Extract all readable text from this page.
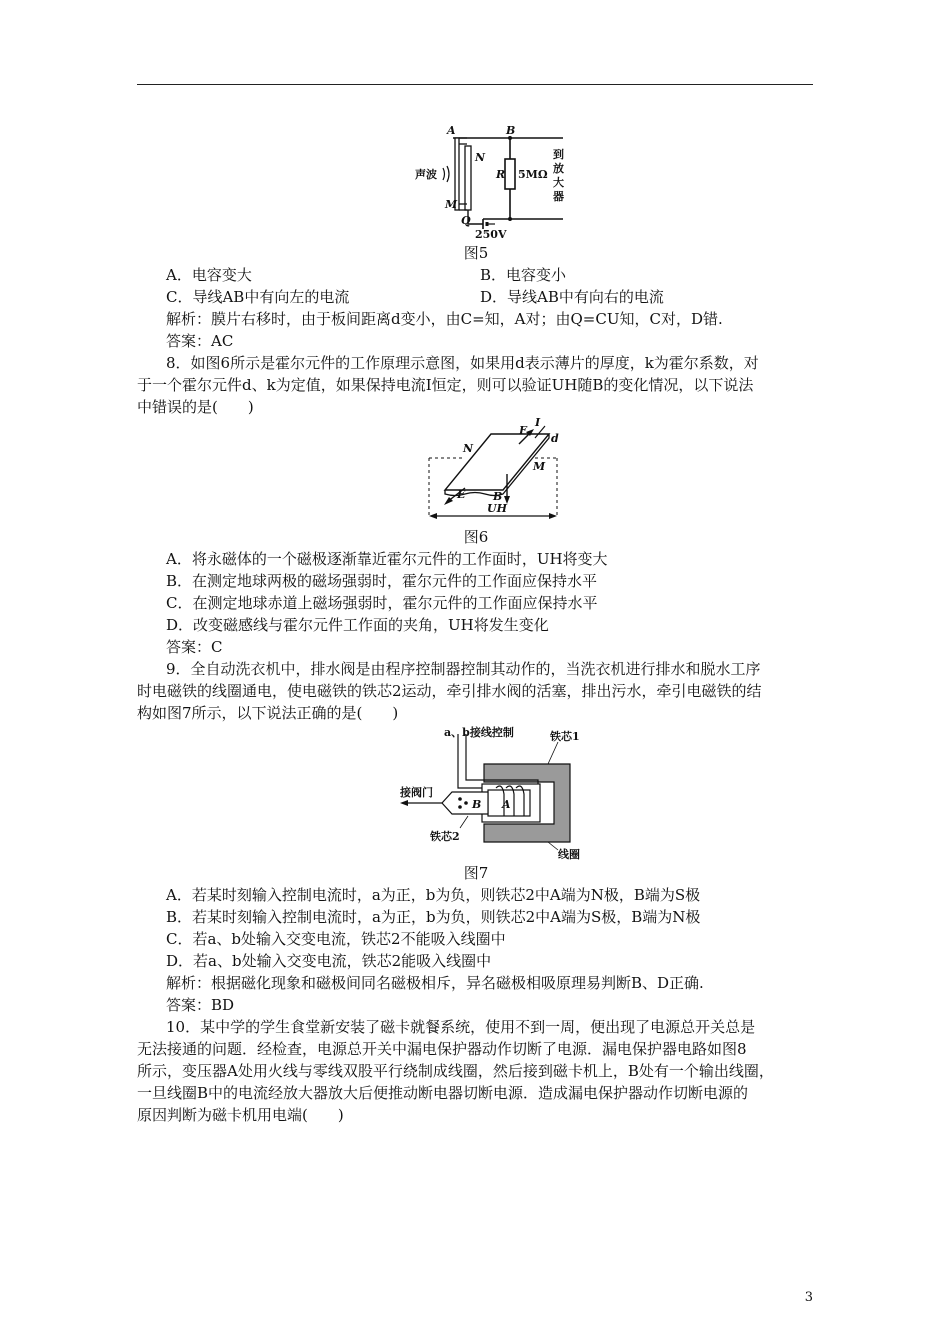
A	B
N
M
Q
R
声波	5MΩ
250V
到
放
大
器
图5
A．电容变大	B．电容变小
C．导线AB中有向左的电流	D．导线AB中有向右的电流
解析：膜片右移时，由于板间距离d变小，由C=知，A对；由Q=CU知，C对，D错.
答案：AC
8．如图6所示是霍尔元件的工作原理示意图，如果用d表示薄片的厚度，k为霍尔系数，对
于一个霍尔元件d、k为定值，如果保持电流I恒定，则可以验证UH随B的变化情况，以下说法
中错误的是(　　)
N
M
F
I
d
E	B
UH
图6
A．将永磁体的一个磁极逐渐靠近霍尔元件的工作面时，UH将变大
B．在测定地球两极的磁场强弱时，霍尔元件的工作面应保持水平
C．在测定地球赤道上磁场强弱时，霍尔元件的工作面应保持水平
D．改变磁感线与霍尔元件工作面的夹角，UH将发生变化
答案：C
9．全自动洗衣机中，排水阀是由程序控制器控制其动作的，当洗衣机进行排水和脱水工序
时电磁铁的线圈通电，使电磁铁的铁芯2运动，牵引排水阀的活塞，排出污水，牵引电磁铁的结
构如图7所示，以下说法正确的是(　　)
a、b接线控制	铁芯1
接阀门
铁芯2
线圈
A
B
图7
A．若某时刻输入控制电流时，a为正，b为负，则铁芯2中A端为N极，B端为S极
B．若某时刻输入控制电流时，a为正，b为负，则铁芯2中A端为S极，B端为N极
C．若a、b处输入交变电流，铁芯2不能吸入线圈中
D．若a、b处输入交变电流，铁芯2能吸入线圈中
解析：根据磁化现象和磁极间同名磁极相斥，异名磁极相吸原理易判断B、D正确.
答案：BD
10．某中学的学生食堂新安装了磁卡就餐系统，使用不到一周，便出现了电源总开关总是
无法接通的问题．经检查，电源总开关中漏电保护器动作切断了电源．漏电保护器电路如图8
所示，变压器A处用火线与零线双股平行绕制成线圈，然后接到磁卡机上，B处有一个输出线圈，
一旦线圈B中的电流经放大器放大后便推动断电器切断电源．造成漏电保护器动作切断电源的
原因判断为磁卡机用电端(　　)
3
